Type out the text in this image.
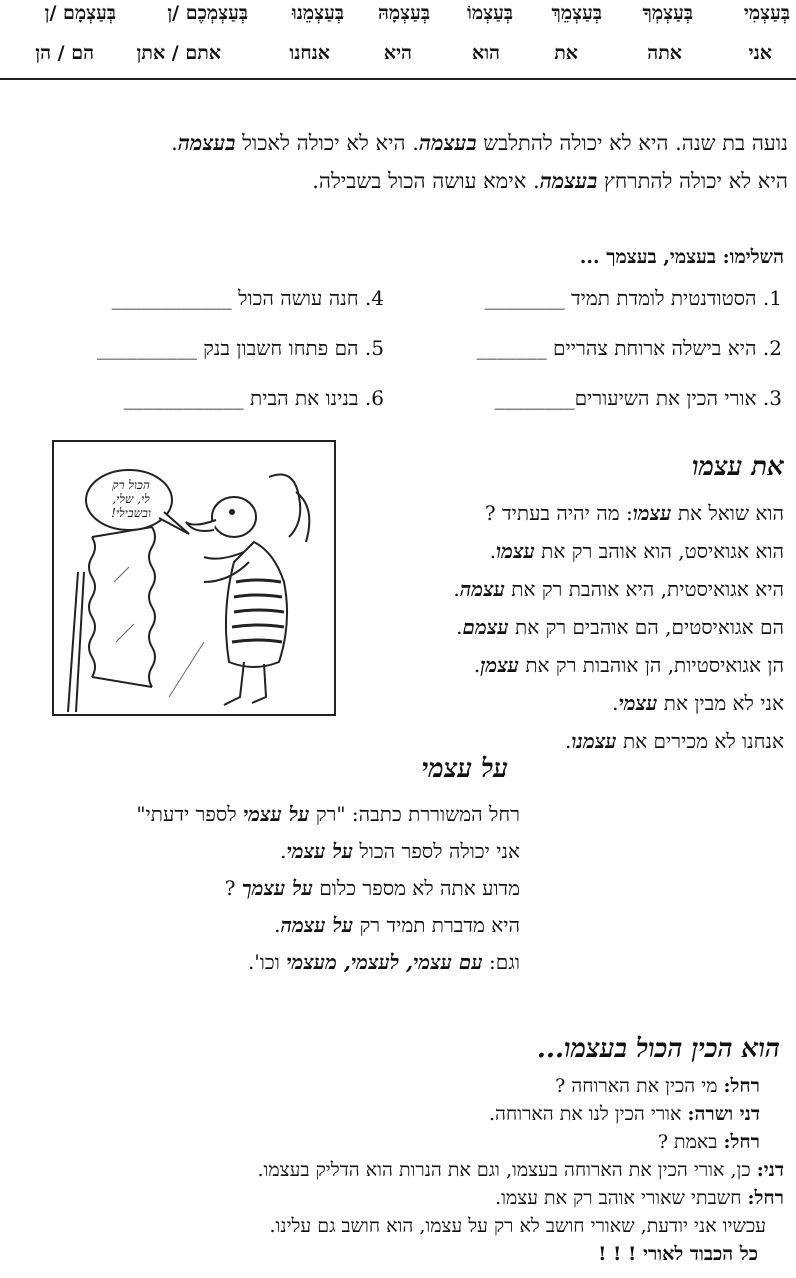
בְּעַצְמִי
בְּעַצְמְךָ
בְּעַצְמֵךְ
בְּעַצְמוֹ
בְּעַצְמָהּ
בְּעַצְמֵנוּ
בְּעַצְמְכֶם /ן
בְּעַצְמָם /ן
אני
אתה
את
הוא
היא
אנחנו
אתם / אתן
הם / הן
נועה בת שנה. היא לא יכולה להתלבש בעצמה. היא לא יכולה לאכול בעצמה.
היא לא יכולה להתרחץ בעצמה. אימא עושה הכול בשבילה.
השלימו: בעצמי, בעצמך ...
1. הסטודנטית לומדת תמיד ________
2. היא בישלה ארוחת צהריים _______
3. אורי הכין את השיעורים________
4. חנה עושה הכול ____________
5. הם פתחו חשבון בנק __________
6. בנינו את הבית ____________
הכול רק
לי, שלי,
ובשבילי!
את עצמו
הוא שואל את עצמו: מה יהיה בעתיד ?
הוא אגואיסט, הוא אוהב רק את עצמו.
היא אגואיסטית, היא אוהבת רק את עצמה.
הם אגואיסטים, הם אוהבים רק את עצמם.
הן אגואיסטיות, הן אוהבות רק את עצמן.
אני לא מבין את עצמי.
אנחנו לא מכירים את עצמנו.
על עצמי
רחל המשוררת כתבה: "רק על עצמי לספר ידעתי"
אני יכולה לספר הכול על עצמי.
מדוע אתה לא מספר כלום על עצמך ?
היא מדברת תמיד רק על עצמה.
וגם: עם עצמי, לעצמי, מעצמי וכו'.
הוא הכין הכול בעצמו...
רחל: מי הכין את הארוחה ?
דני ושרה: אורי הכין לנו את הארוחה.
רחל: באמת ?
דני: כן, אורי הכין את הארוחה בעצמו, וגם את הנרות הוא הדליק בעצמו.
רחל: חשבתי שאורי אוהב רק את עצמו.
עכשיו אני יודעת, שאורי חושב לא רק על עצמו, הוא חושב גם עלינו.
כל הכבוד לאורי ! ! !
